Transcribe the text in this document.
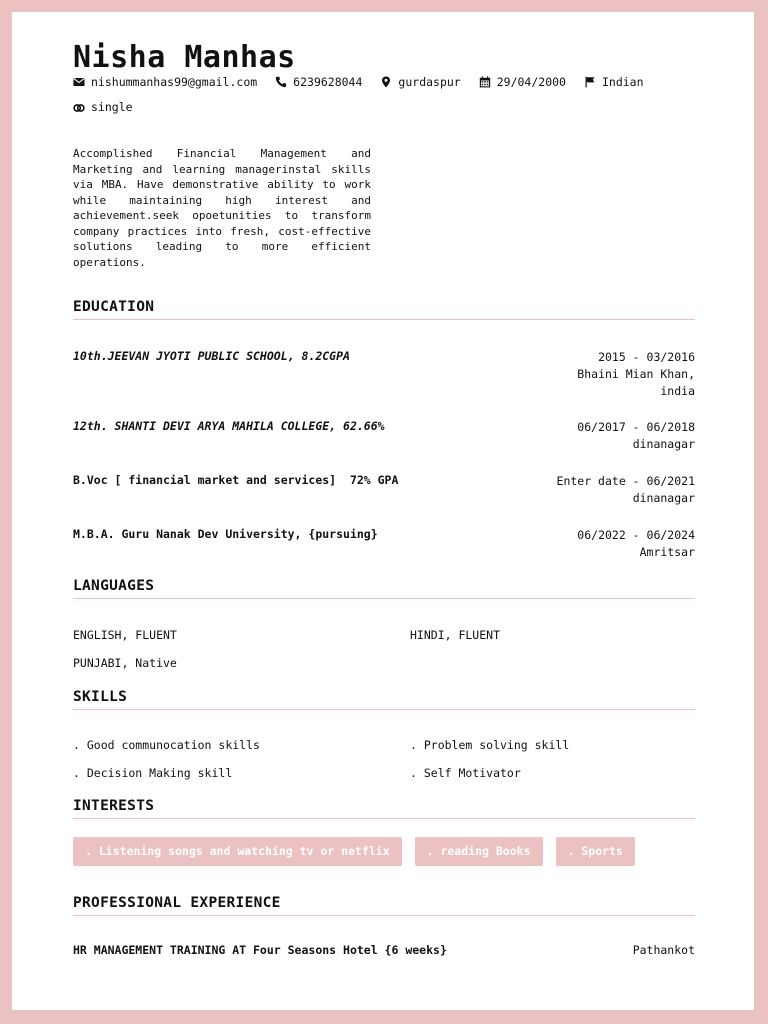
Nisha Manhas
nishummanhas99@gmail.com	6239628044	gurdaspur	29/04/2000	Indian
single

Accomplished Financial Management and Marketing and learning managerinstal skills via MBA. Have demonstrative ability to work while maintaining high interest and achievement.seek opoetunities to transform company practices into fresh, cost-effective solutions leading to more efficient operations.

EDUCATION
10th.JEEVAN JYOTI PUBLIC SCHOOL, 8.2CGPA	2015 - 03/2016
Bhaini Mian Khan, india
12th. SHANTI DEVI ARYA MAHILA COLLEGE, 62.66%	06/2017 - 06/2018
dinanagar
B.Voc [ financial market and services]  72% GPA	Enter date - 06/2021
dinanagar
M.B.A. Guru Nanak Dev University, {pursuing}	06/2022 - 06/2024
Amritsar
LANGUAGES
ENGLISH, FLUENT	HINDI, FLUENT
PUNJABI, Native
SKILLS
. Good communocation skills	. Problem solving skill
. Decision Making skill	. Self Motivator
INTERESTS
. Listening songs and watching tv or netflix	. reading Books	. Sports
PROFESSIONAL EXPERIENCE
HR MANAGEMENT TRAINING AT Four Seasons Hotel {6 weeks}	Pathankot
